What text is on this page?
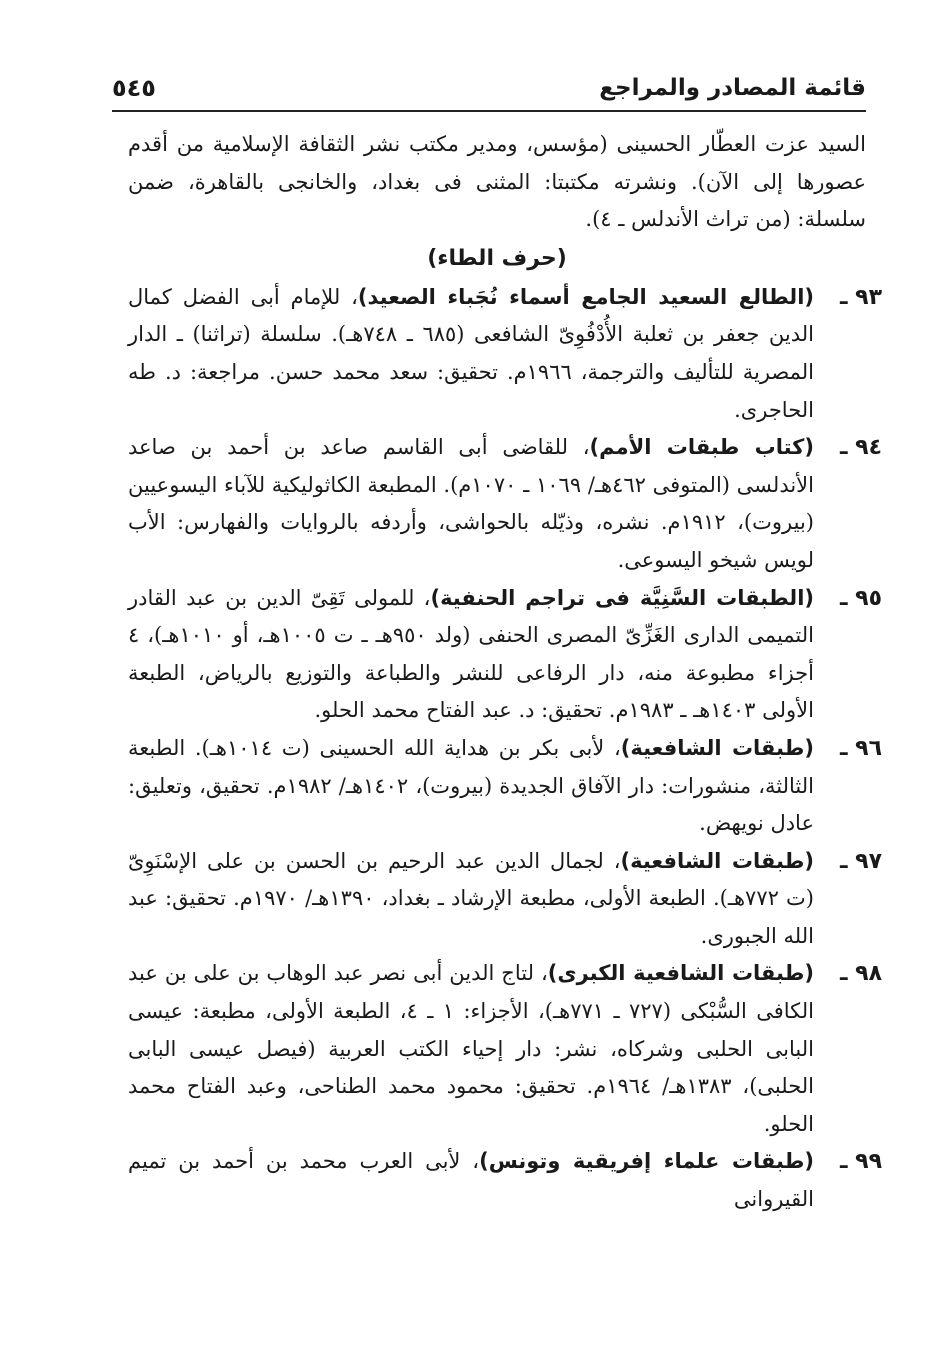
قائمة المصادر والمراجع
٥٤٥

السيد عزت العطّار الحسينى (مؤسس، ومدير مكتب نشر الثقافة الإسلامية من أقدم عصورها إلى الآن). ونشرته مكتبتا: المثنى فى بغداد، والخانجى بالقاهرة، ضمن سلسلة: (من تراث الأندلس ـ ٤).

(حرف الطاء)

٩٣ ـ
(الطالع السعيد الجامع أسماء نُجَباء الصعيد)، للإمام أبى الفضل كمال الدين جعفر بن ثعلبة الأُدْفُوِىّ الشافعى (٦٨٥ ـ ٧٤٨هـ). سلسلة (تراثنا) ـ الدار المصرية للتأليف والترجمة، ١٩٦٦م. تحقيق: سعد محمد حسن. مراجعة: د. طه الحاجرى.

٩٤ ـ
(كتاب طبقات الأمم)، للقاضى أبى القاسم صاعد بن أحمد بن صاعد الأندلسى (المتوفى ٤٦٢هـ/ ١٠٦٩ ـ ١٠٧٠م). المطبعة الكاثوليكية للآباء اليسوعيين (بيروت)، ١٩١٢م. نشره، وذيّله بالحواشى، وأردفه بالروايات والفهارس: الأب لويس شيخو اليسوعى.

٩٥ ـ
(الطبقات السَّنِيَّة فى تراجم الحنفية)، للمولى تَقِىّ الدين بن عبد القادر التميمى الدارى الغَزِّىّ المصرى الحنفى (ولد ٩٥٠هـ ـ ت ١٠٠٥هـ، أو ١٠١٠هـ)، ٤ أجزاء مطبوعة منه، دار الرفاعى للنشر والطباعة والتوزيع بالرياض، الطبعة الأولى ١٤٠٣هـ ـ ١٩٨٣م. تحقيق: د. عبد الفتاح محمد الحلو.

٩٦ ـ
(طبقات الشافعية)، لأبى بكر بن هداية الله الحسينى (ت ١٠١٤هـ). الطبعة الثالثة، منشورات: دار الآفاق الجديدة (بيروت)، ١٤٠٢هـ/ ١٩٨٢م. تحقيق، وتعليق: عادل نويهض.

٩٧ ـ
(طبقات الشافعية)، لجمال الدين عبد الرحيم بن الحسن بن على الإسْنَوِىّ (ت ٧٧٢هـ). الطبعة الأولى، مطبعة الإرشاد ـ بغداد، ١٣٩٠هـ/ ١٩٧٠م. تحقيق: عبد الله الجبورى.

٩٨ ـ
(طبقات الشافعية الكبرى)، لتاج الدين أبى نصر عبد الوهاب بن على بن عبد الكافى السُّبْكى (٧٢٧ ـ ٧٧١هـ)، الأجزاء: ١ ـ ٤، الطبعة الأولى، مطبعة: عيسى البابى الحلبى وشركاه، نشر: دار إحياء الكتب العربية (فيصل عيسى البابى الحلبى)، ١٣٨٣هـ/ ١٩٦٤م. تحقيق: محمود محمد الطناحى، وعبد الفتاح محمد الحلو.

٩٩ ـ
(طبقات علماء إفريقية وتونس)، لأبى العرب محمد بن أحمد بن تميم القيروانى
